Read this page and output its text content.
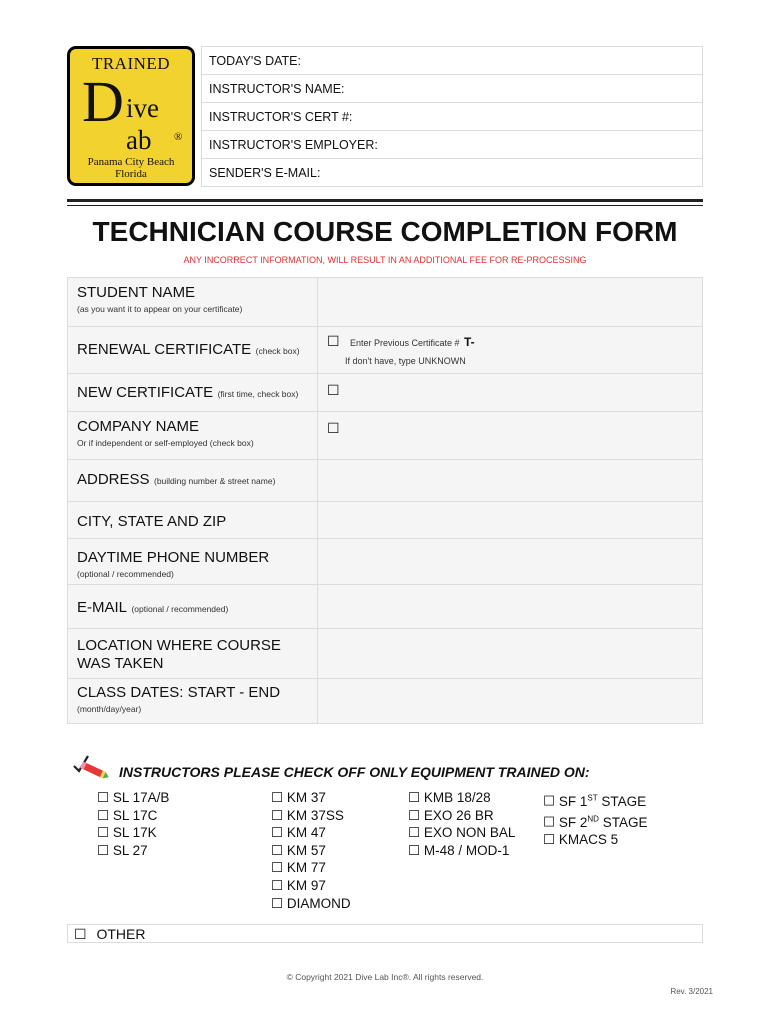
TRAINED
D ive
ab ®
Panama City Beach
Florida
TODAY'S DATE:
INSTRUCTOR'S NAME:
INSTRUCTOR'S CERT #:
INSTRUCTOR'S EMPLOYER:
SENDER'S E-MAIL:
TECHNICIAN COURSE COMPLETION FORM
ANY INCORRECT INFORMATION, WILL RESULT IN AN ADDITIONAL FEE FOR RE-PROCESSING
STUDENT NAME
(as you want it to appear on your certificate)	

RENEWAL CERTIFICATE (check box)	☐ Enter Previous Certificate # T-
If don't have, type UNKNOWN
NEW CERTIFICATE (first time, check box)	☐
COMPANY NAME
Or if independent or self-employed (check box)	☐
ADDRESS (building number & street name)	
CITY, STATE AND ZIP	
DAYTIME PHONE NUMBER
(optional / recommended)	

E-MAIL (optional / recommended)	
LOCATION WHERE COURSE
WAS TAKEN	
CLASS DATES: START - END
(month/day/year)	

INSTRUCTORS PLEASE CHECK OFF ONLY EQUIPMENT TRAINED ON:
☐ SL 17A/B
☐ SL 17C
☐ SL 17K
☐ SL 27
☐ KM 37
☐ KM 37SS
☐ KM 47
☐ KM 57
☐ KM 77
☐ KM 97
☐ DIAMOND
☐ KMB 18/28
☐ EXO 26 BR
☐ EXO NON BAL
☐ M-48 / MOD-1
☐ SF 1ST STAGE
☐ SF 2ND STAGE
☐ KMACS 5
☐ OTHER
© Copyright 2021 Dive Lab Inc®. All rights reserved.
Rev. 3/2021
